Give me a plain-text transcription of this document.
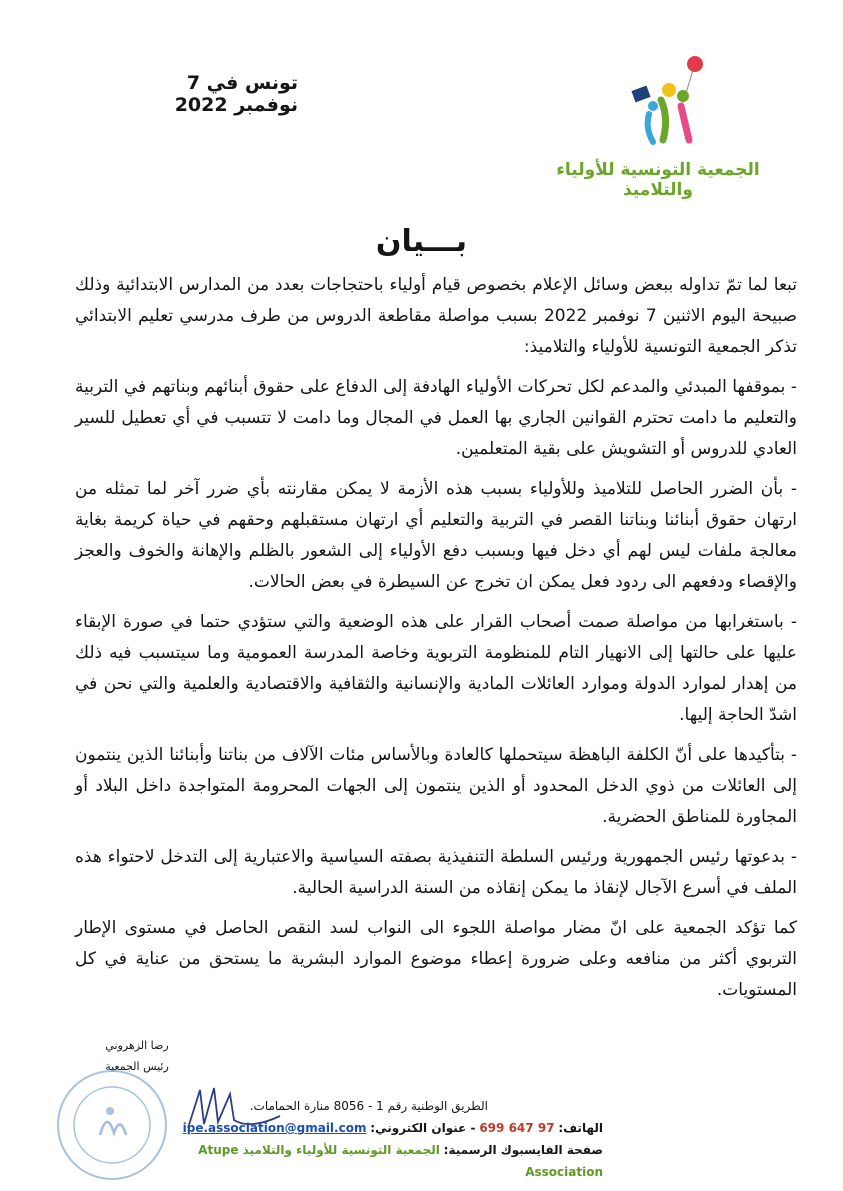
تونس في 7 نوفمبر 2022
الجمعية التونسية للأولياء والتلاميذ
بـــيان

تبعا لما تمّ تداوله ببعض وسائل الإعلام بخصوص قيام أولياء باحتجاجات بعدد من المدارس الابتدائية وذلك صبيحة اليوم الاثنين 7 نوفمبر 2022 بسبب مواصلة مقاطعة الدروس من طرف مدرسي تعليم الابتدائي تذكر الجمعية التونسية للأولياء والتلاميذ:

- بموقفها المبدئي والمدعم لكل تحركات الأولياء الهادفة إلى الدفاع على حقوق أبنائهم وبناتهم في التربية والتعليم ما دامت تحترم القوانين الجاري بها العمل في المجال وما دامت لا تتسبب في أي تعطيل للسير العادي للدروس أو التشويش على بقية المتعلمين.

- بأن الضرر الحاصل للتلاميذ وللأولياء بسبب هذه الأزمة لا يمكن مقارنته بأي ضرر آخر لما تمثله من ارتهان حقوق أبنائنا وبناتنا القصر في التربية والتعليم أي ارتهان مستقبلهم وحقهم في حياة كريمة بغاية معالجة ملفات ليس لهم أي دخل فيها وبسبب دفع الأولياء إلى الشعور بالظلم والإهانة والخوف والعجز والإقصاء ودفعهم الى ردود فعل يمكن ان تخرج عن السيطرة في بعض الحالات.

- باستغرابها من مواصلة صمت أصحاب القرار على هذه الوضعية والتي ستؤدي حتما في صورة الإبقاء عليها على حالتها إلى الانهيار التام للمنظومة التربوية وخاصة المدرسة العمومية وما سيتسبب فيه ذلك من إهدار لموارد الدولة وموارد العائلات المادية والإنسانية والثقافية والاقتصادية والعلمية والتي نحن في اشدّ الحاجة إليها.

- بتأكيدها على أنّ الكلفة الباهظة سيتحملها كالعادة وبالأساس مئات الآلاف من بناتنا وأبنائنا الذين ينتمون إلى العائلات من ذوي الدخل المحدود أو الذين ينتمون إلى الجهات المحرومة المتواجدة داخل البلاد أو المجاورة للمناطق الحضرية.

- بدعوتها رئيس الجمهورية ورئيس السلطة التنفيذية بصفته السياسية والاعتبارية إلى التدخل لاحتواء هذه الملف في أسرع الآجال لإنقاذ ما يمكن إنقاذه من السنة الدراسية الحالية.

كما تؤكد الجمعية على انّ مضار مواصلة اللجوء الى النواب لسد النقص الحاصل في مستوى الإطار التربوي أكثر من منافعه وعلى ضرورة إعطاء موضوع الموارد البشرية ما يستحق من عناية في كل المستويات.

رضا الزهروني
رئيس الجمعية
الطريق الوطنية رقم 1 - 8056 منارة الحمامات.
الهاتف: 97 647 699 - عنوان الكتروني: ipe.association@gmail.com
صفحة الفايسبوك الرسمية: الجمعية التونسية للأولياء والتلاميذ Atupe Association
